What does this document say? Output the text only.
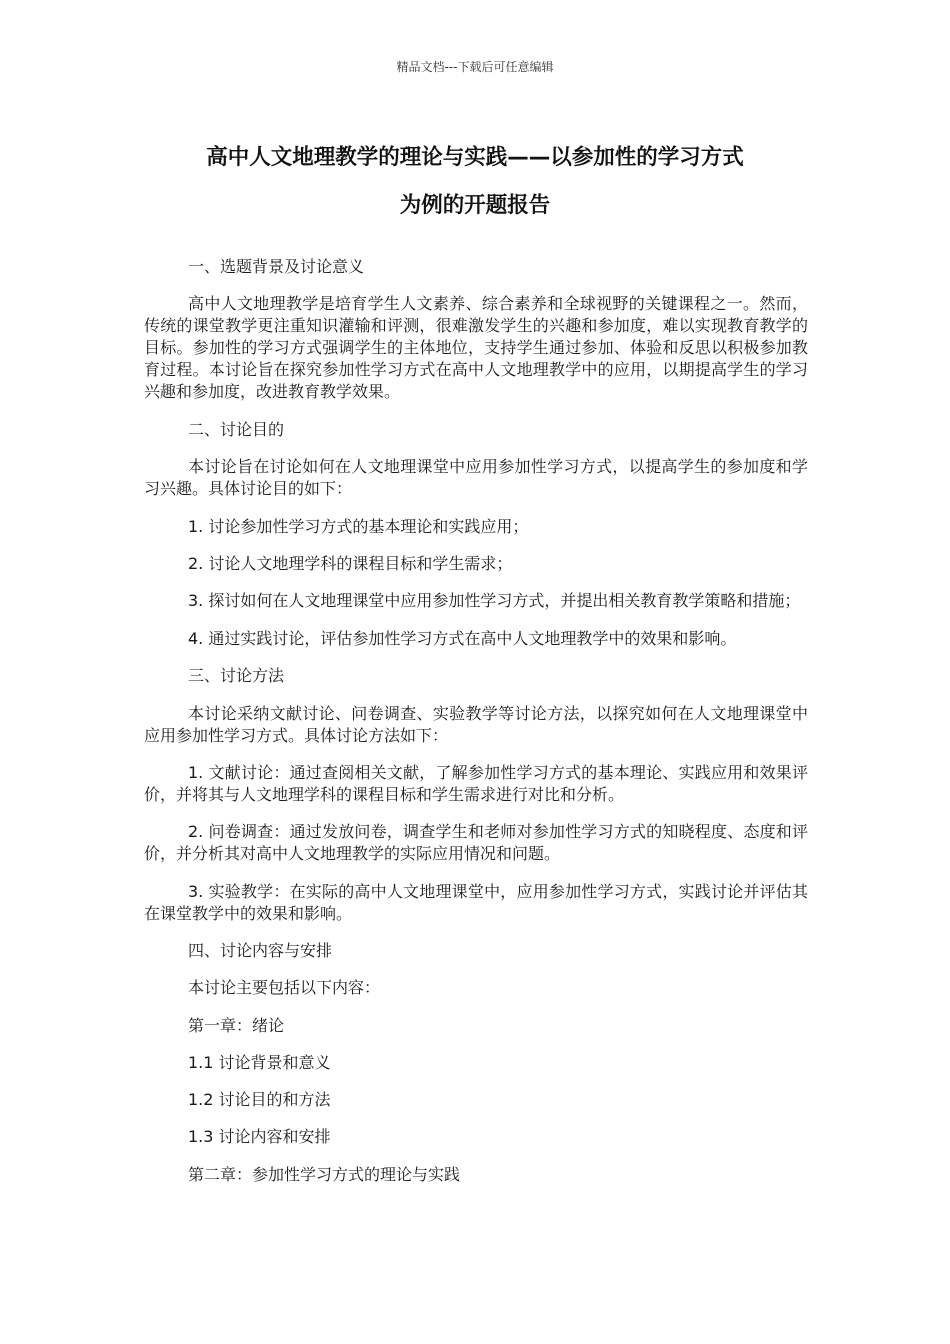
精品文档---下载后可任意编辑
高中人文地理教学的理论与实践——以参加性的学习方式
为例的开题报告

一、选题背景及讨论意义

高中人文地理教学是培育学生人文素养、综合素养和全球视野的关键课程之一。然而，传统的课堂教学更注重知识灌输和评测，很难激发学生的兴趣和参加度，难以实现教育教学的目标。参加性的学习方式强调学生的主体地位，支持学生通过参加、体验和反思以积极参加教育过程。本讨论旨在探究参加性学习方式在高中人文地理教学中的应用，以期提高学生的学习兴趣和参加度，改进教育教学效果。

二、讨论目的

本讨论旨在讨论如何在人文地理课堂中应用参加性学习方式，以提高学生的参加度和学习兴趣。具体讨论目的如下：

1. 讨论参加性学习方式的基本理论和实践应用；

2. 讨论人文地理学科的课程目标和学生需求；

3. 探讨如何在人文地理课堂中应用参加性学习方式，并提出相关教育教学策略和措施；

4. 通过实践讨论，评估参加性学习方式在高中人文地理教学中的效果和影响。

三、讨论方法

本讨论采纳文献讨论、问卷调查、实验教学等讨论方法，以探究如何在人文地理课堂中应用参加性学习方式。具体讨论方法如下：

1. 文献讨论：通过查阅相关文献，了解参加性学习方式的基本理论、实践应用和效果评价，并将其与人文地理学科的课程目标和学生需求进行对比和分析。

2. 问卷调查：通过发放问卷，调查学生和老师对参加性学习方式的知晓程度、态度和评价，并分析其对高中人文地理教学的实际应用情况和问题。

3. 实验教学：在实际的高中人文地理课堂中，应用参加性学习方式，实践讨论并评估其在课堂教学中的效果和影响。

四、讨论内容与安排

本讨论主要包括以下内容：

第一章：绪论

1.1 讨论背景和意义

1.2 讨论目的和方法

1.3 讨论内容和安排

第二章：参加性学习方式的理论与实践
